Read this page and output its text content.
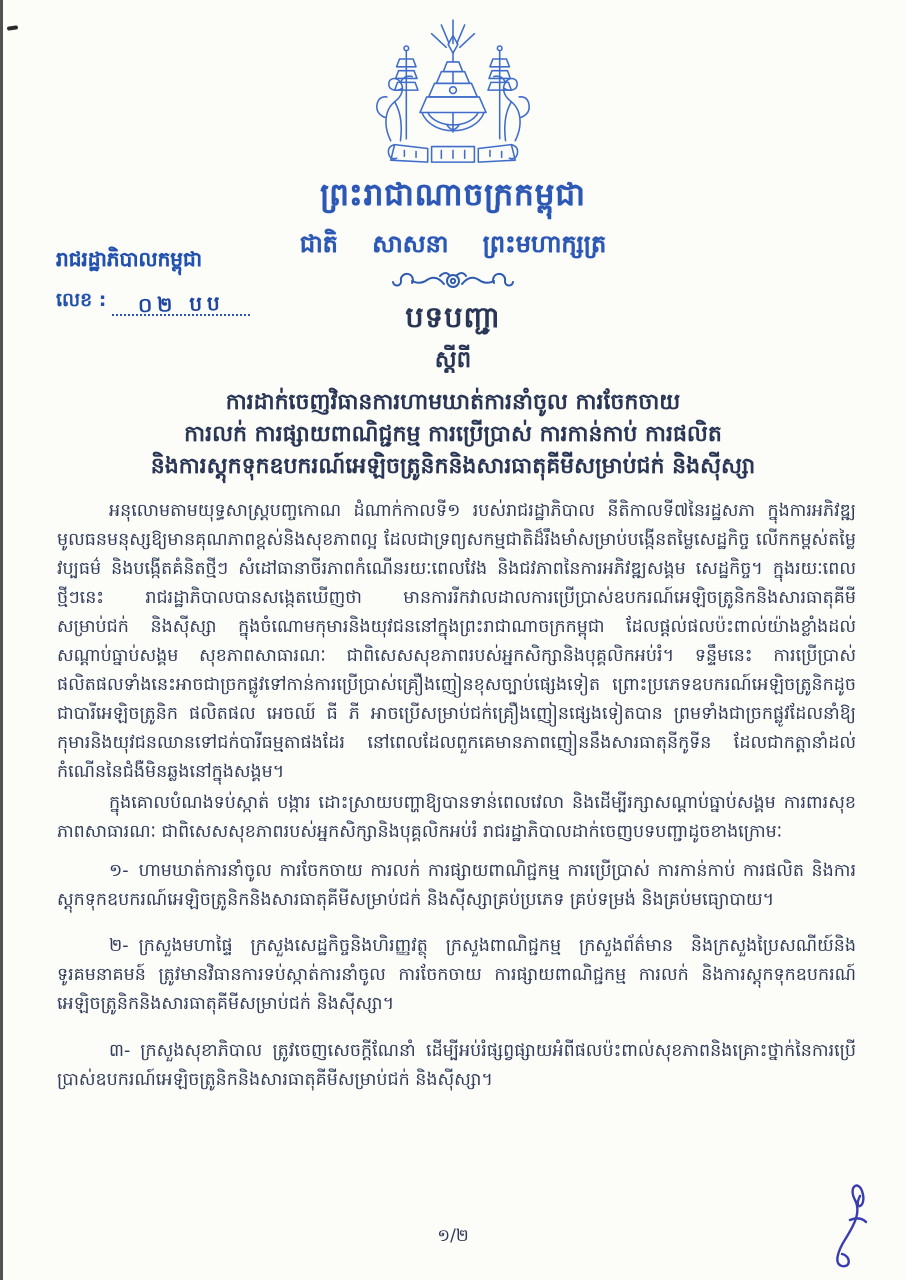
ព្រះរាជាណាចក្រកម្ពុជា
ជាតិ សាសនា ព្រះមហាក្សត្រ
រាជរដ្ឋាភិបាលកម្ពុជា
លេខ :	០២ បប	បទបញ្ជា
ស្តីពី
ការដាក់ចេញវិធានការហាមឃាត់ការនាំចូល ការចែកចាយ
ការលក់ ការផ្សាយពាណិជ្ជកម្ម ការប្រើប្រាស់ ការកាន់កាប់ ការផលិត
និងការស្តុកទុកឧបករណ៍អេឡិចត្រូនិកនិងសារធាតុគីមីសម្រាប់ជក់ និងស៊ីស្សា

អនុលោមតាមយុទ្ធសាស្ត្របញ្ចកោណ ដំណាក់កាលទី១ របស់រាជរដ្ឋាភិបាល នីតិកាលទី៧នៃរដ្ឋសភា ក្នុងការអភិវឌ្ឍមូលធនមនុស្សឱ្យមានគុណភាពខ្ពស់និងសុខភាពល្អ ដែលជាទ្រព្យសកម្មជាតិដ៏រឹងមាំសម្រាប់បង្កើនតម្លៃសេដ្ឋកិច្ច លើកកម្ពស់តម្លៃវប្បធម៌ និងបង្កើតគំនិតថ្មីៗ សំដៅធានាចីរភាពកំណើនរយៈពេលវែង និងជវភាពនៃការអភិវឌ្ឍសង្គម សេដ្ឋកិច្ច។ ក្នុងរយៈពេលថ្មីៗនេះ រាជរដ្ឋាភិបាលបានសង្កេតឃើញថា មានការរីកវាលដាលការប្រើប្រាស់ឧបករណ៍អេឡិចត្រូនិកនិងសារធាតុគីមីសម្រាប់ជក់ និងស៊ីស្សា ក្នុងចំណោមកុមារនិងយុវជននៅក្នុងព្រះរាជាណាចក្រកម្ពុជា ដែលផ្តល់ផលប៉ះពាល់យ៉ាងខ្លាំងដល់សណ្តាប់ធ្នាប់សង្គម សុខភាពសាធារណៈ ជាពិសេសសុខភាពរបស់អ្នកសិក្សានិងបុគ្គលិកអប់រំ។ ទន្ទឹមនេះ ការប្រើប្រាស់ផលិតផលទាំងនេះអាចជាច្រកផ្លូវទៅកាន់ការប្រើប្រាស់គ្រឿងញៀនខុសច្បាប់ផ្សេងទៀត ព្រោះប្រភេទឧបករណ៍អេឡិចត្រូនិកដូចជាបារីអេឡិចត្រូនិក ផលិតផល អេចឈ៍ ធី ភី អាចប្រើសម្រាប់ជក់គ្រឿងញៀនផ្សេងទៀតបាន ព្រមទាំងជាច្រកផ្លូវដែលនាំឱ្យកុមារនិងយុវជនឈានទៅជក់បារីធម្មតាផងដែរ នៅពេលដែលពួកគេមានភាពញៀននឹងសារធាតុនីកូទីន ដែលជាកត្តានាំដល់កំណើននៃជំងឺមិនឆ្លងនៅក្នុងសង្គម។

ក្នុងគោលបំណងទប់ស្កាត់ បង្ការ ដោះស្រាយបញ្ហាឱ្យបានទាន់ពេលវេលា និងដើម្បីរក្សាសណ្តាប់ធ្នាប់សង្គម ការពារសុខភាពសាធារណៈ ជាពិសេសសុខភាពរបស់អ្នកសិក្សានិងបុគ្គលិកអប់រំ រាជរដ្ឋាភិបាលដាក់ចេញបទបញ្ជាដូចខាងក្រោមៈ

១- ហាមឃាត់ការនាំចូល ការចែកចាយ ការលក់ ការផ្សាយពាណិជ្ជកម្ម ការប្រើប្រាស់ ការកាន់កាប់ ការផលិត និងការស្តុកទុកឧបករណ៍អេឡិចត្រូនិកនិងសារធាតុគីមីសម្រាប់ជក់ និងស៊ីស្សាគ្រប់ប្រភេទ គ្រប់ទម្រង់ និងគ្រប់មធ្យោបាយ។

២- ក្រសួងមហាផ្ទៃ ក្រសួងសេដ្ឋកិច្ចនិងហិរញ្ញវត្ថុ ក្រសួងពាណិជ្ជកម្ម ក្រសួងព័ត៌មាន និងក្រសួងប្រៃសណីយ៍និងទូរគមនាគមន៍ ត្រូវមានវិធានការទប់ស្កាត់ការនាំចូល ការចែកចាយ ការផ្សាយពាណិជ្ជកម្ម ការលក់ និងការស្តុកទុកឧបករណ៍អេឡិចត្រូនិកនិងសារធាតុគីមីសម្រាប់ជក់ និងស៊ីស្សា។

៣- ក្រសួងសុខាភិបាល ត្រូវចេញសេចក្តីណែនាំ ដើម្បីអប់រំផ្សព្វផ្សាយអំពីផលប៉ះពាល់សុខភាពនិងគ្រោះថ្នាក់នៃការប្រើប្រាស់ឧបករណ៍អេឡិចត្រូនិកនិងសារធាតុគីមីសម្រាប់ជក់ និងស៊ីស្សា។

១/២
